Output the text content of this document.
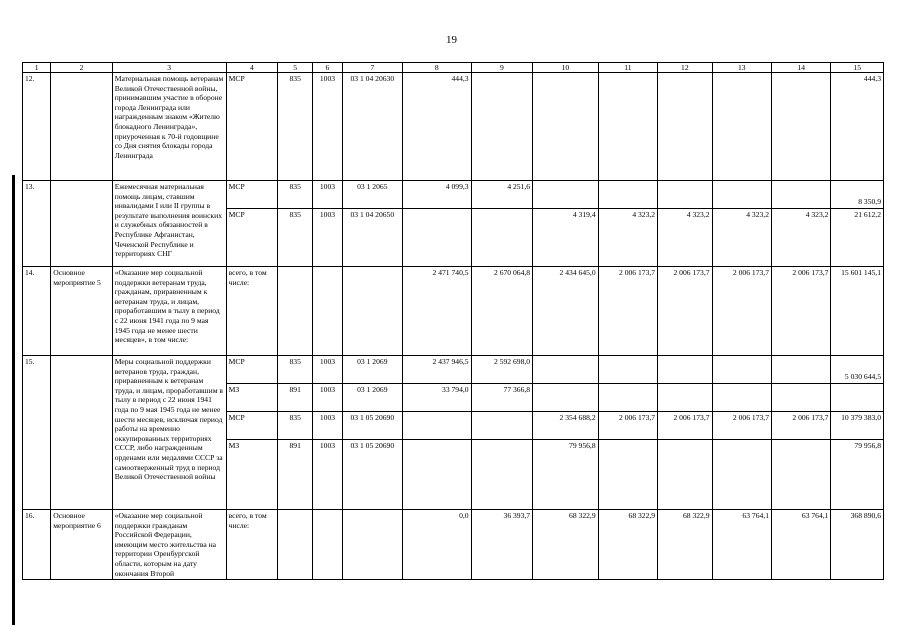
19
1	2	3	4	5	6	7	8	9	10	11	12	13	14	15
12.		Материальная помощь ветеранам Великой Отечественной войны, принимавшим участие в обороне города Ленинграда или награжденным знаком «Жителю блокадного Ленинграда», приуроченная к 70-й годовщине со Дня снятия блокады города Ленинграда	МСР	835	1003	03 1 04 20630	444,3							444,3
13.		Ежемесячная материальная помощь лицам, ставшим инвалидами I или II группы в результате выполнения воинских и служебных обязанностей в Республике Афганистан, Чеченской Республике и территориях СНГ	МСР	835	1003	03 1 2065	4 099,3	4 251,6						8 350,9
			МСР	835	1003	03 1 04 20650			4 319,4	4 323,2	4 323,2	4 323,2	4 323,2	21 612,2
14.	Основное мероприятие 5	«Оказание мер социальной поддержки ветеранам труда, гражданам, приравненным к ветеранам труда, и лицам, проработавшим в тылу в период с 22 июня 1941 года по 9 мая 1945 года не менее шести месяцев», в том числе:	всего, в том числе:				2 471 740,5	2 670 064,8	2 434 645,0	2 006 173,7	2 006 173,7	2 006 173,7	2 006 173,7	15 601 145,1
15.		Меры социальной поддержки ветеранов труда, граждан, приравненным к ветеранам труда, и лицам, проработавшим в тылу в период с 22 июня 1941 года по 9 мая 1945 года не менее шести месяцев, исключая период работы на временно оккупированных территориях СССР, либо награжденным орденами или медалями СССР за самоотверженный труд в период Великой Отечественной войны	МСР	835	1003	03 1 2069	2 437 946,5	2 592 698,0						5 030 644,5
			МЗ	891	1003	03 1 2069	33 794,0	77 366,8						
			МСР	835	1003	03 1 05 20690			2 354 688,2	2 006 173,7	2 006 173,7	2 006 173,7	2 006 173,7	10 379 383,0
			МЗ	891	1003	03 1 05 20690			79 956,8					79 956,8
16.	Основное мероприятие 6	«Оказание мер социальной поддержки гражданам Российской Федерации, имеющим место жительства на территории Оренбургской области, которым на дату окончания Второй	всего, в том числе:				0,0	36 393,7	68 322,9	68 322,9	68 322,9	63 764,1	63 764,1	368 890,6
